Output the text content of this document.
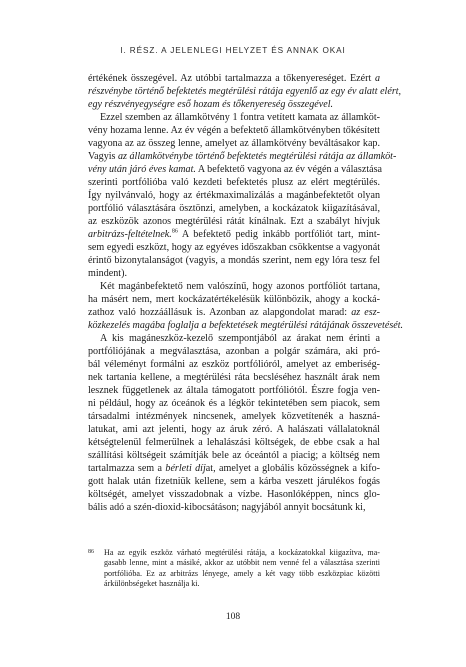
I. RÉSZ. A JELENLEGI HELYZET ÉS ANNAK OKAI
értékének összegével. Az utóbbi tartalmazza a tőkenyereséget. Ezért a
részvénybe történő befektetés megtérülési rátája egyenlő az egy év alatt elért,
egy részvényegységre eső hozam és tőkenyereség összegével.
Ezzel szemben az államkötvény 1 fontra vetített kamata az államköt-
vény hozama lenne. Az év végén a befektető államkötvényben tőkésített
vagyona az az összeg lenne, amelyet az államkötvény beváltásakor kap.
Vagyis az államkötvénybe történő befektetés megtérülési rátája az államköt-
vény után járó éves kamat. A befektető vagyona az év végén a választása
szerinti portfólióba való kezdeti befektetés plusz az elért megtérülés.
Így nyilvánvaló, hogy az értékmaximalizálás a magánbefektetőt olyan
portfólió választására ösztönzi, amelyben, a kockázatok kiigazításával,
az eszközök azonos megtérülési rátát kínálnak. Ezt a szabályt hívjuk
arbitrázs-feltételnek.$^{86}$ A befektető pedig inkább portfóliót tart, mint-
sem egyedi eszközt, hogy az egyéves időszakban csökkentse a vagyonát
érintő bizonytalanságot (vagyis, a mondás szerint, nem egy lóra tesz fel
mindent).
Két magánbefektető nem valószínű, hogy azonos portfóliót tartana,
ha másért nem, mert kockázatértékelésük különbözik, ahogy a kocká-
zathoz való hozzáállásuk is. Azonban az alapgondolat marad: az esz-
közkezelés magába foglalja a befektetések megtérülési rátájának összevetését.
A kis magáneszköz-kezelő szempontjából az árakat nem érinti a
portfóliójának a megválasztása, azonban a polgár számára, aki pró-
bál véleményt formálni az eszköz portfólióról, amelyet az emberiség-
nek tartania kellene, a megtérülési ráta becsléséhez használt árak nem
lesznek függetlenek az általa támogatott portfóliótól. Észre fogja ven-
ni például, hogy az óceánok és a légkör tekintetében sem piacok, sem
társadalmi intézmények nincsenek, amelyek közvetítenék a haszná-
latukat, ami azt jelenti, hogy az áruk zéró. A halászati vállalatoknál
kétségtelenül felmerülnek a lehalászási költségek, de ebbe csak a hal
szállítási költségeit számítják bele az óceántól a piacig; a költség nem
tartalmazza sem a bérleti díjat, amelyet a globális közösségnek a kifo-
gott halak után fizetniük kellene, sem a kárba veszett járulékos fogás
költségét, amelyet visszadobnak a vízbe. Hasonlóképpen, nincs glo-
bális adó a szén-dioxid-kibocsátáson; nagyjából annyit bocsátunk ki,
86	Ha az egyik eszköz várható megtérülési rátája, a kockázatokkal kiigazítva, ma-
gasabb lenne, mint a másiké, akkor az utóbbit nem venné fel a választása szerinti
portfólióba. Ez az arbitrázs lényege, amely a két vagy több eszközpiac közötti
árkülönbségeket használja ki.
108
